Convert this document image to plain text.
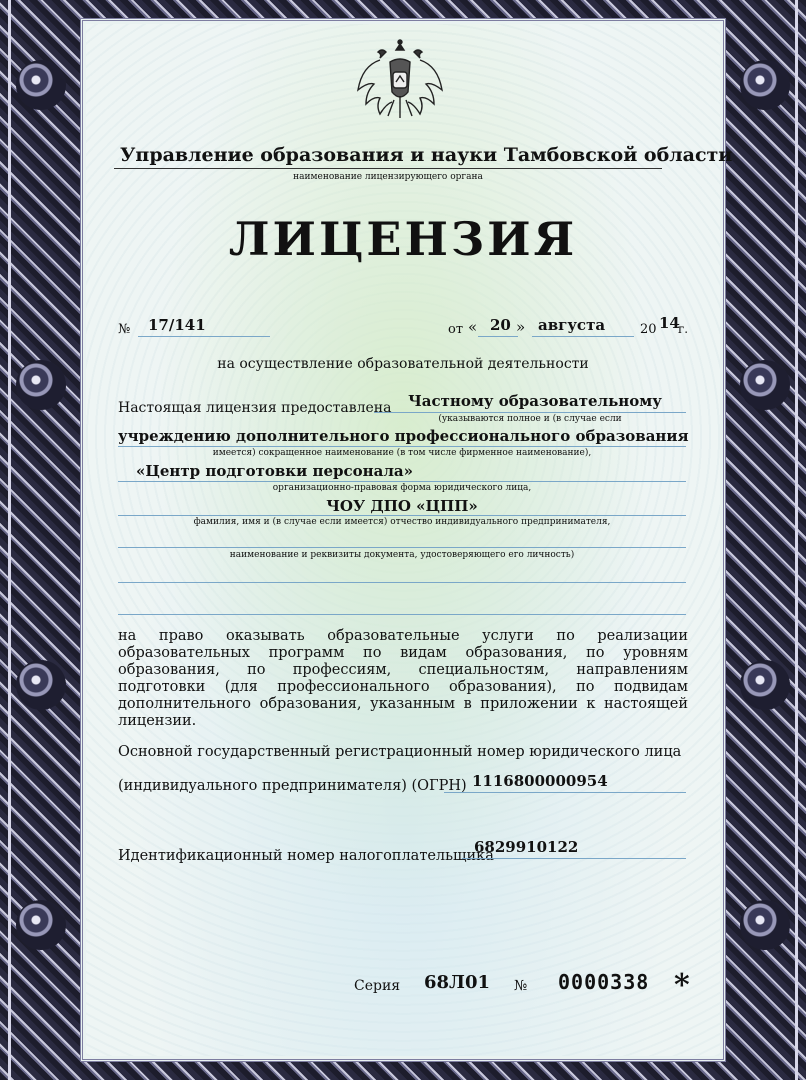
Управление образования и науки Тамбовской области
наименование лицензирующего органа
ЛИЦЕНЗИЯ
№ 17/141	от « 20 » августа	20 14
г.
на осуществление образовательной деятельности
Настоящая лицензия предоставлена	Частному образовательному
(указываются полное и (в случае если
учреждению дополнительного профессионального образования
имеется) сокращенное наименование (в том числе фирменное наименование),
«Центр подготовки персонала»
организационно-правовая форма юридического лица,
ЧОУ ДПО «ЦПП»
фамилия, имя и (в случае если имеется) отчество индивидуального предпринимателя,
наименование и реквизиты документа, удостоверяющего его личность)
на право оказывать образовательные услуги по реализации образовательных программ по видам образования, по уровням образования, по профессиям, специальностям, направлениям подготовки (для профессионального образования), по подвидам дополнительного образования, указанным в приложении к настоящей лицензии.
Основной государственный регистрационный номер юридического лица
(индивидуального предпринимателя) (ОГРН) 1116800000954
Идентификационный номер налогоплательщика
6829910122
Серия 68Л01 № 0000338 *
